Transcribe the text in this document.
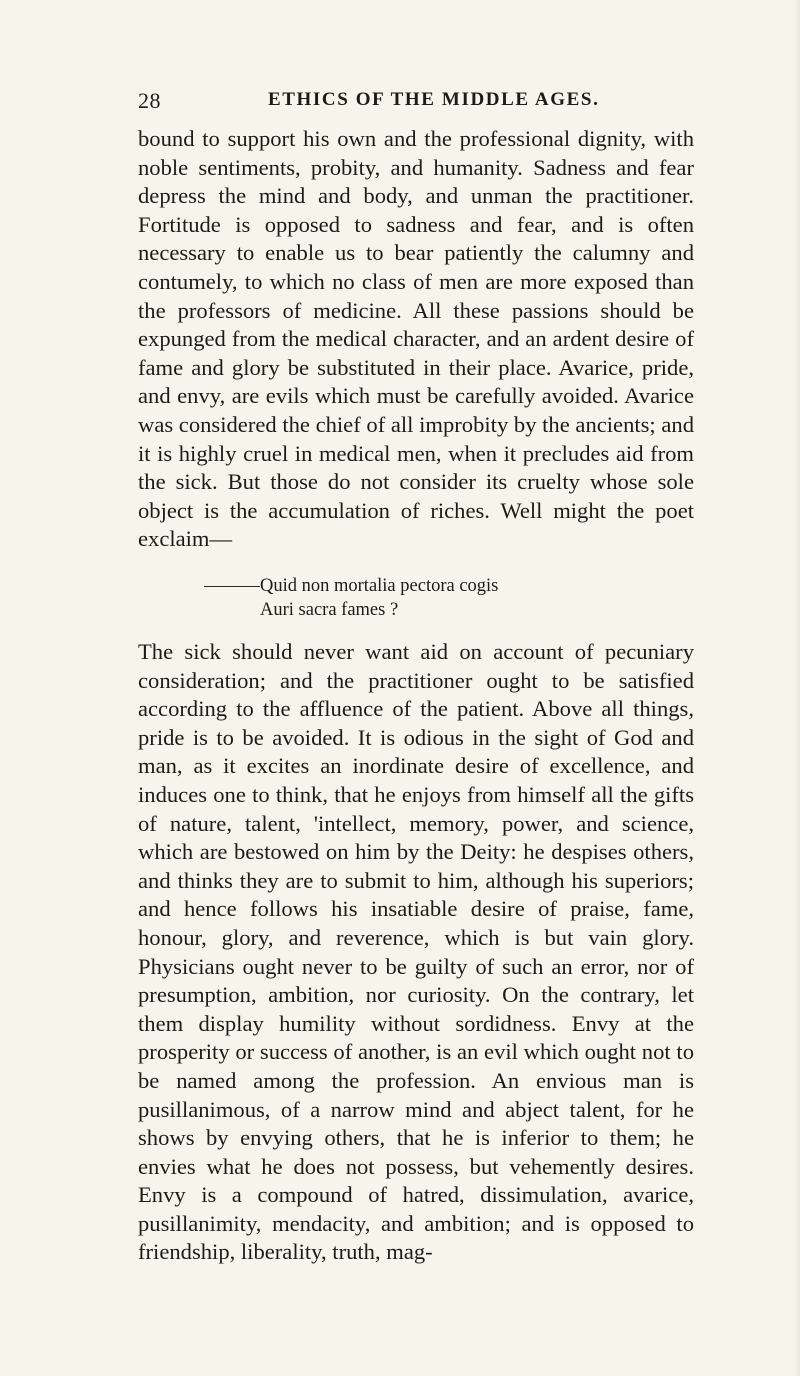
28	ETHICS OF THE MIDDLE AGES.

bound to support his own and the professional dignity, with noble sentiments, probity, and humanity. Sadness and fear depress the mind and body, and unman the practitioner. Fortitude is opposed to sadness and fear, and is often necessary to enable us to bear patiently the calumny and contumely, to which no class of men are more exposed than the professors of medicine. All these passions should be expunged from the medical character, and an ardent desire of fame and glory be substituted in their place. Avarice, pride, and envy, are evils which must be carefully avoided. Avarice was considered the chief of all improbity by the ancients; and it is highly cruel in medical men, when it precludes aid from the sick. But those do not consider its cruelty whose sole object is the accumulation of riches. Well might the poet exclaim—

Quid non mortalia pectora cogis
Auri sacra fames ?

The sick should never want aid on account of pecuniary consideration; and the practitioner ought to be satisfied according to the affluence of the patient. Above all things, pride is to be avoided. It is odious in the sight of God and man, as it excites an inordinate desire of excellence, and induces one to think, that he enjoys from himself all the gifts of nature, talent, 'intellect, memory, power, and science, which are bestowed on him by the Deity: he despises others, and thinks they are to submit to him, although his superiors; and hence follows his insatiable desire of praise, fame, honour, glory, and reverence, which is but vain glory. Physicians ought never to be guilty of such an error, nor of presumption, ambition, nor curiosity. On the contrary, let them display humility without sordidness. Envy at the prosperity or success of another, is an evil which ought not to be named among the profession. An envious man is pusillanimous, of a narrow mind and abject talent, for he shows by envying others, that he is inferior to them; he envies what he does not possess, but vehemently desires. Envy is a compound of hatred, dissimulation, avarice, pusillanimity, mendacity, and ambition; and is opposed to friendship, liberality, truth, mag-
